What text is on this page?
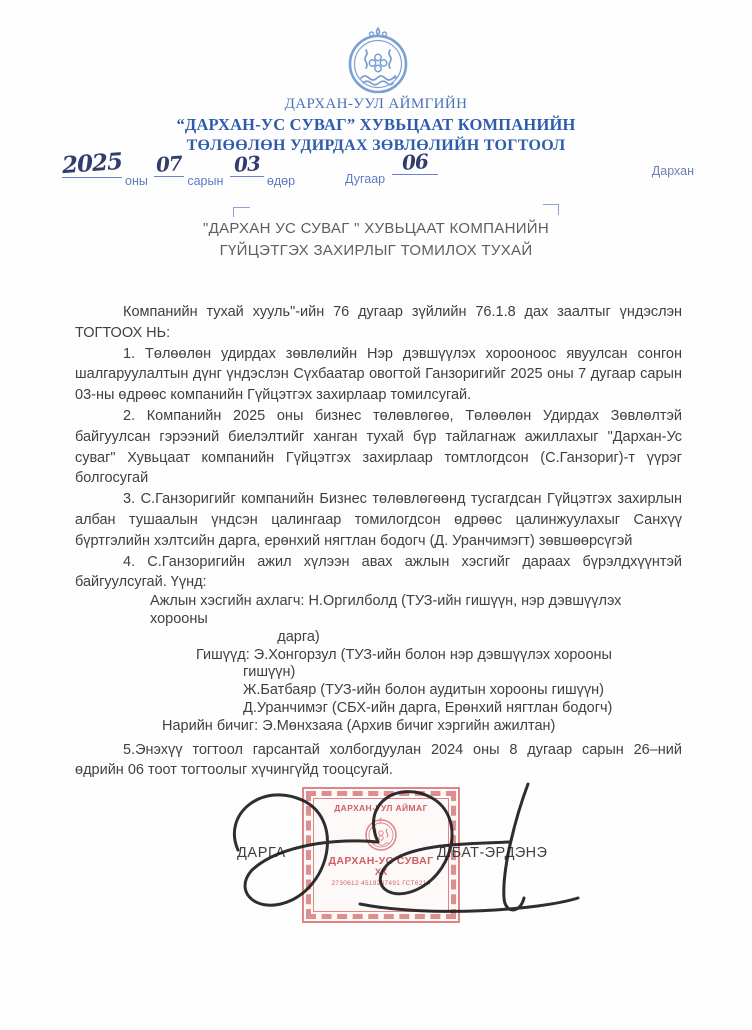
ДАРХАН-УУЛ АЙМГИЙН
“ДАРХАН-УС СУВАГ” ХУВЬЦААТ КОМПАНИЙН
ТӨЛӨӨЛӨН УДИРДАХ ЗӨВЛӨЛИЙН ТОГТООЛ
2025оны 07сарын 03өдөр	Дугаар 06	Дархан
"ДАРХАН УС СУВАГ " ХУВЬЦААТ КОМПАНИЙН
ГҮЙЦЭТГЭХ ЗАХИРЛЫГ ТОМИЛОХ ТУХАЙ

Компанийн тухай хууль"-ийн 76 дугаар зүйлийн 76.1.8 дах заалтыг үндэслэн ТОГТООХ НЬ:

1. Төлөөлөн удирдах зөвлөлийн Нэр дэвшүүлэх хорооноос явуулсан сонгон шалгаруулалтын дүнг үндэслэн Сүхбаатар овогтой Ганзоригийг 2025 оны 7 дугаар сарын 03-ны өдрөөс компанийн Гүйцэтгэх захирлаар томилсугай.

2. Компанийн 2025 оны бизнес төлөвлөгөө, Төлөөлөн Удирдах Зөвлөлтэй байгуулсан гэрээний биелэлтийг ханган тухай бүр тайлагнаж ажиллахыг "Дархан-Ус суваг" Хувьцаат компанийн Гүйцэтгэх захирлаар томтлогдсон (С.Ганзориг)-т үүрэг болгосугай

3. С.Ганзоригийг компанийн Бизнес төлөвлөгөөнд тусгагдсан Гүйцэтгэх захирлын албан тушаалын үндсэн цалингаар томилогдсон өдрөөс цалинжуулахыг Санхүү бүртгэлийн хэлтсийн дарга, ерөнхий нягтлан бодогч (Д. Уранчимэгт) зөвшөөрсүгэй

4. С.Ганзоригийн ажил хүлээн авах ажлын хэсгийг дараах бүрэлдхүүнтэй байгуулсугай. Үүнд:

Ажлын хэсгийн ахлагч: Н.Оргилболд (ТУЗ-ийн гишүүн, нэр дэвшүүлэх хорооны
дарга)
Гишүүд: Э.Хонгорзул (ТУЗ-ийн болон нэр дэвшүүлэх хорооны
гишүүн)
Ж.Батбаяр (ТУЗ-ийн болон аудитын хорооны гишүүн)
Д.Уранчимэг (СБХ-ийн дарга, Ерөнхий нягтлан бодогч)
Нарийн бичиг: Э.Мөнхзаяа (Архив бичиг хэргийн ажилтан)

5.Энэхүү тогтоол гарсантай холбогдуулан 2024 оны 8 дугаар сарын 26–ний өдрийн 06 тоот тогтоолыг хүчингүйд тооцсугай.

ДАРХАН-УУЛ АЙМАГ
ДАРХАН-УС СУВАГ
ХК
2730612 4519287491 ГСТ6214
ДАРГА	Д.БАТ-ЭРДЭНЭ
